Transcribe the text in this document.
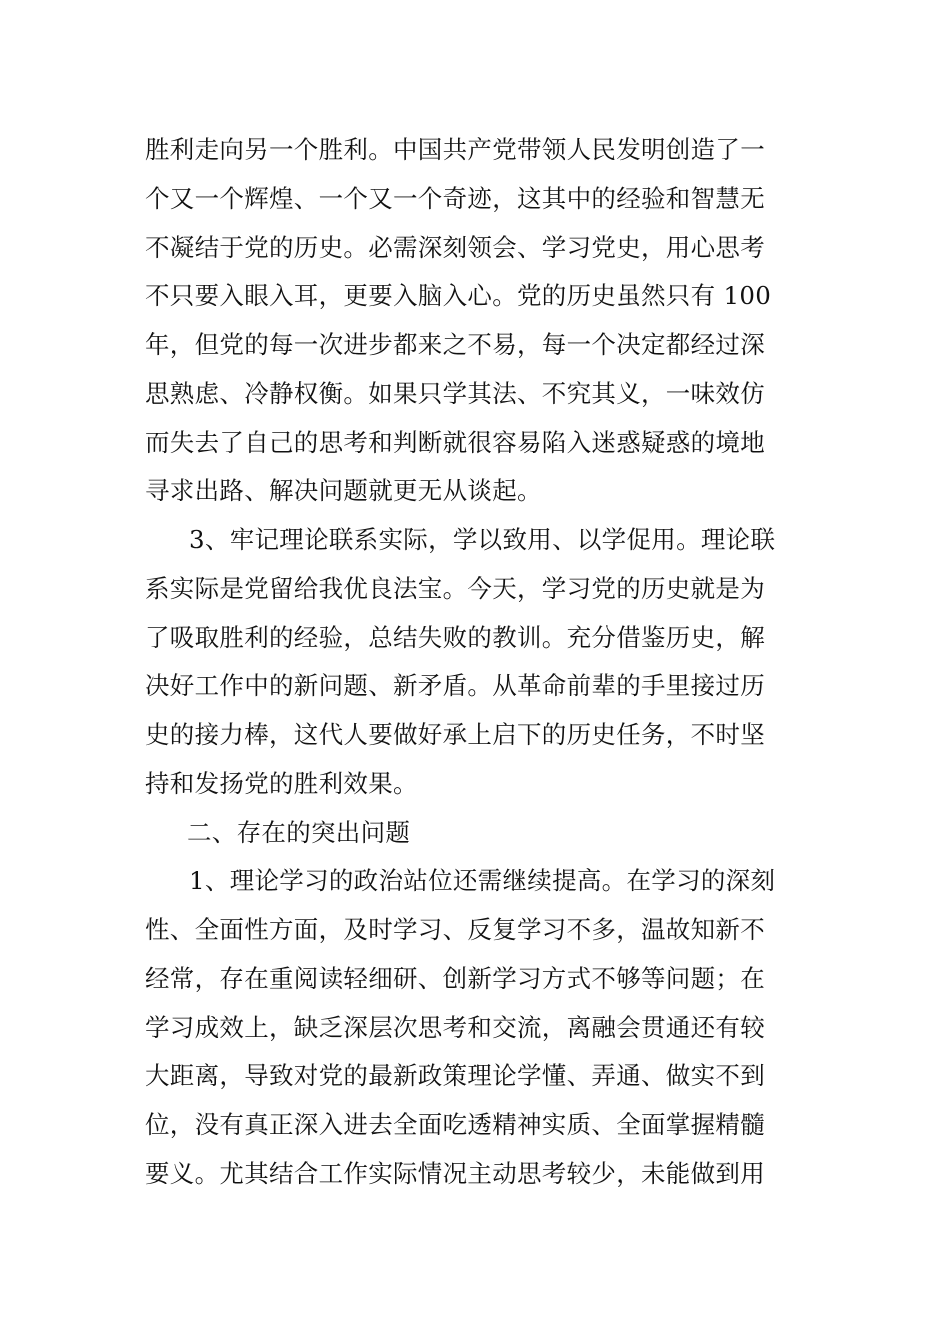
胜利走向另一个胜利。中国共产党带领人民发明创造了一
个又一个辉煌、一个又一个奇迹，这其中的经验和智慧无
不凝结于党的历史。必需深刻领会、学习党史，用心思考
不只要入眼入耳，更要入脑入心。党的历史虽然只有 100
年，但党的每一次进步都来之不易，每一个决定都经过深
思熟虑、冷静权衡。如果只学其法、不究其义，一味效仿
而失去了自己的思考和判断就很容易陷入迷惑疑惑的境地
寻求出路、解决问题就更无从谈起。
3、牢记理论联系实际，学以致用、以学促用。理论联
系实际是党留给我优良法宝。今天，学习党的历史就是为
了吸取胜利的经验，总结失败的教训。充分借鉴历史，解
决好工作中的新问题、新矛盾。从革命前辈的手里接过历
史的接力棒，这代人要做好承上启下的历史任务，不时坚
持和发扬党的胜利效果。
二、存在的突出问题
1、理论学习的政治站位还需继续提高。在学习的深刻
性、全面性方面，及时学习、反复学习不多，温故知新不
经常，存在重阅读轻细研、创新学习方式不够等问题；在
学习成效上，缺乏深层次思考和交流，离融会贯通还有较
大距离，导致对党的最新政策理论学懂、弄通、做实不到
位，没有真正深入进去全面吃透精神实质、全面掌握精髓
要义。尤其结合工作实际情况主动思考较少，未能做到用
